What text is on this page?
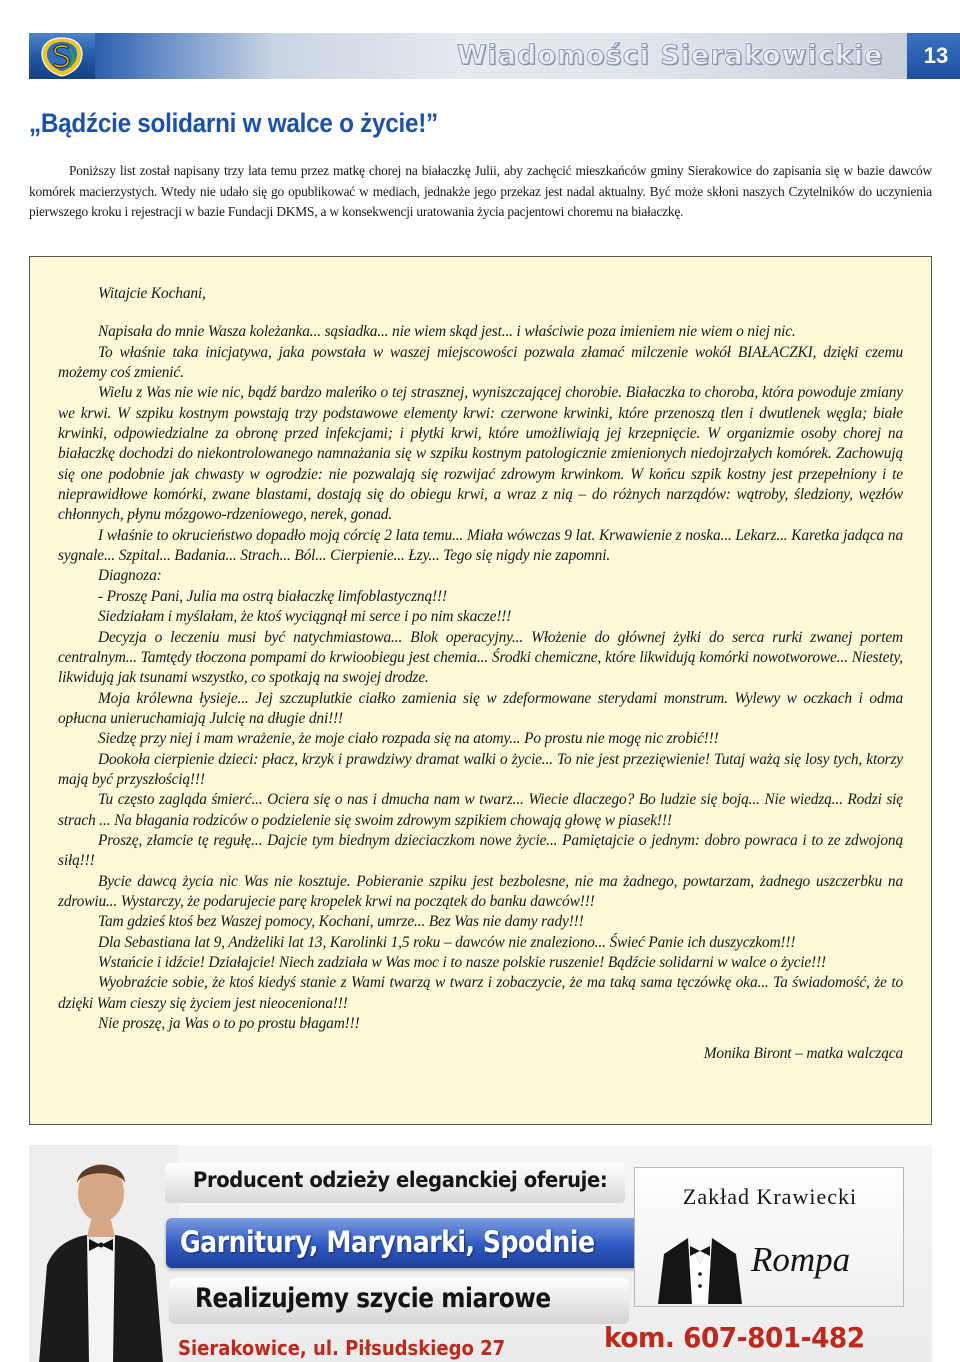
Wiadomości Sierakowickie	13
„Bądźcie solidarni w walce o życie!”

Poniższy list został napisany trzy lata temu przez matkę chorej na białaczkę Julii, aby zachęcić mieszkańców gminy Sierakowice do zapisania się w bazie dawców komórek macierzystych. Wtedy nie udało się go opublikować w mediach, jednakże jego przekaz jest nadal aktualny. Być może skłoni naszych Czytelników do uczynienia pierwszego kroku i rejestracji w bazie Fundacji DKMS, a w konsekwencji uratowania życia pacjentowi choremu na białaczkę.

Witajcie Kochani,

Napisała do mnie Wasza koleżanka... sąsiadka... nie wiem skąd jest... i właściwie poza imieniem nie wiem o niej nic.

To właśnie taka inicjatywa, jaka powstała w waszej miejscowości pozwala złamać milczenie wokół BIAŁACZKI, dzięki czemu możemy coś zmienić.

Wielu z Was nie wie nic, bądź bardzo maleńko o tej strasznej, wyniszczającej chorobie. Białaczka to choroba, która powoduje zmiany we krwi. W szpiku kostnym powstają trzy podstawowe elementy krwi: czerwone krwinki, które przenoszą tlen i dwutlenek węgla; białe krwinki, odpowiedzialne za obronę przed infekcjami; i płytki krwi, które umożliwiają jej krzepnięcie. W organizmie osoby chorej na białaczkę dochodzi do niekontrolowanego namnażania się w szpiku kostnym patologicznie zmienionych niedojrzałych komórek. Zachowują się one podobnie jak chwasty w ogrodzie: nie pozwalają się rozwijać zdrowym krwinkom. W końcu szpik kostny jest przepełniony i te nieprawidłowe komórki, zwane blastami, dostają się do obiegu krwi, a wraz z nią – do różnych narządów: wątroby, śledziony, węzłów chłonnych, płynu mózgowo-rdzeniowego, nerek, gonad.

I właśnie to okrucieństwo dopadło moją córcię 2 lata temu... Miała wówczas 9 lat. Krwawienie z noska... Lekarz... Karetka jadąca na sygnale... Szpital... Badania... Strach... Ból... Cierpienie... Łzy... Tego się nigdy nie zapomni.

Diagnoza:

- Proszę Pani, Julia ma ostrą białaczkę limfoblastyczną!!!

Siedziałam i myślałam, że ktoś wyciągnął mi serce i po nim skacze!!!

Decyzja o leczeniu musi być natychmiastowa... Blok operacyjny... Włożenie do głównej żyłki do serca rurki zwanej portem centralnym... Tamtędy tłoczona pompami do krwioobiegu jest chemia... Środki chemiczne, które likwidują komórki nowotworowe... Niestety, likwidują jak tsunami wszystko, co spotkają na swojej drodze.

Moja królewna łysieje... Jej szczuplutkie ciałko zamienia się w zdeformowane sterydami monstrum. Wylewy w oczkach i odma opłucna unieruchamiają Julcię na długie dni!!!

Siedzę przy niej i mam wrażenie, że moje ciało rozpada się na atomy... Po prostu nie mogę nic zrobić!!!

Dookoła cierpienie dzieci: płacz, krzyk i prawdziwy dramat walki o życie... To nie jest przezięwienie! Tutaj ważą się losy tych, ktorzy mają być przyszłością!!!

Tu często zagląda śmierć... Ociera się o nas i dmucha nam w twarz... Wiecie dlaczego? Bo ludzie się boją... Nie wiedzą... Rodzi się strach ... Na błagania rodziców o podzielenie się swoim zdrowym szpikiem chowają głowę w piasek!!!

Proszę, złamcie tę regułę... Dajcie tym biednym dzieciaczkom nowe życie... Pamiętajcie o jednym: dobro powraca i to ze zdwojoną siłą!!!

Bycie dawcą życia nic Was nie kosztuje. Pobieranie szpiku jest bezbolesne, nie ma żadnego, powtarzam, żadnego uszczerbku na zdrowiu... Wystarczy, że podarujecie parę kropelek krwi na początek do banku dawców!!!

Tam gdzieś ktoś bez Waszej pomocy, Kochani, umrze... Bez Was nie damy rady!!!

Dla Sebastiana lat 9, Andżeliki lat 13, Karolinki 1,5 roku – dawców nie znaleziono... Świeć Panie ich duszyczkom!!!

Wstańcie i idźcie! Działajcie! Niech zadziała w Was moc i to nasze polskie ruszenie! Bądźcie solidarni w walce o życie!!!

Wyobraźcie sobie, że ktoś kiedyś stanie z Wami twarzą w twarz i zobaczycie, że ma taką sama tęczówkę oka... Ta świadomość, że to dzięki Wam cieszy się życiem jest nieoceniona!!!

Nie proszę, ja Was o to po prostu błagam!!!

Monika Biront – matka walcząca

Producent odzieży eleganckiej oferuje:
Garnitury, Marynarki, Spodnie
Realizujemy szycie miarowe
Sierakowice, ul. Piłsudskiego 27	kom. 607-801-482
Zakład Krawiecki
Rompa
